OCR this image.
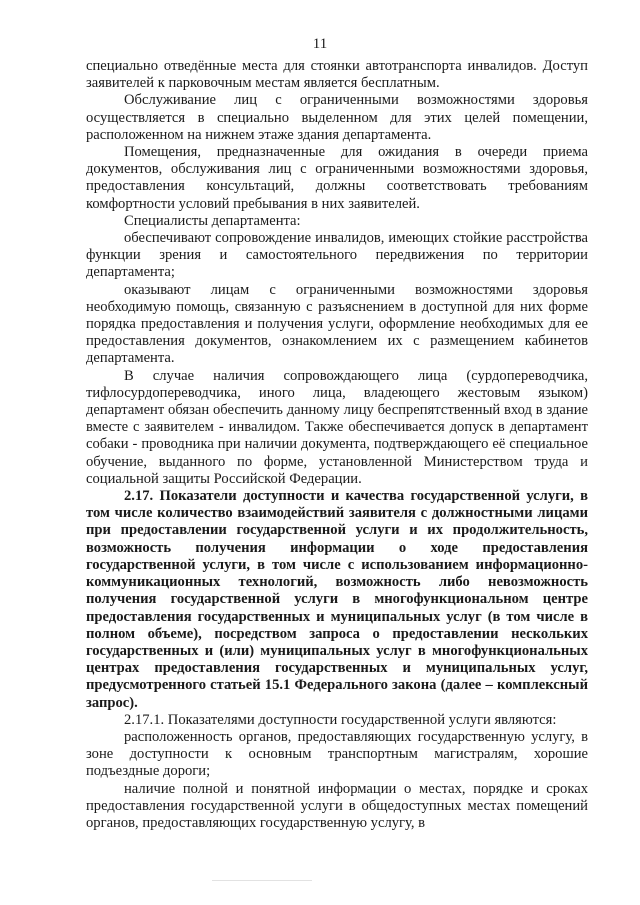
11

специально отведённые места для стоянки автотранспорта инвалидов. Доступ заявителей к парковочным местам является бесплатным.

Обслуживание лиц с ограниченными возможностями здоровья осуществляется в специально выделенном для этих целей помещении, расположенном на нижнем этаже здания департамента.

Помещения, предназначенные для ожидания в очереди приема документов, обслуживания лиц с ограниченными возможностями здоровья, предоставления консультаций, должны соответствовать требованиям комфортности условий пребывания в них заявителей.

Специалисты департамента:

обеспечивают сопровождение инвалидов, имеющих стойкие расстройства функции зрения и самостоятельного передвижения по территории департамента;

оказывают лицам с ограниченными возможностями здоровья необходимую помощь, связанную с разъяснением в доступной для них форме порядка предоставления и получения услуги, оформление необходимых для ее предоставления документов, ознакомлением их с размещением кабинетов департамента.

В случае наличия сопровождающего лица (сурдопереводчика, тифлосурдопереводчика, иного лица, владеющего жестовым языком) департамент обязан обеспечить данному лицу беспрепятственный вход в здание вместе с заявителем - инвалидом. Также обеспечивается допуск в департамент собаки - проводника при наличии документа, подтверждающего её специальное обучение, выданного по форме, установленной Министерством труда и социальной защиты Российской Федерации.

2.17. Показатели доступности и качества государственной услуги, в том числе количество взаимодействий заявителя с должностными лицами при предоставлении государственной услуги и их продолжительность, возможность получения информации о ходе предоставления государственной услуги, в том числе с использованием информационно-коммуникационных технологий, возможность либо невозможность получения государственной услуги в многофункциональном центре предоставления государственных и муниципальных услуг (в том числе в полном объеме), посредством запроса о предоставлении нескольких государственных и (или) муниципальных услуг в многофункциональных центрах предоставления государственных и муниципальных услуг, предусмотренного статьей 15.1 Федерального закона (далее – комплексный запрос).

2.17.1. Показателями доступности государственной услуги являются:

расположенность органов, предоставляющих государственную услугу, в зоне доступности к основным транспортным магистралям, хорошие подъездные дороги;

наличие полной и понятной информации о местах, порядке и сроках предоставления государственной услуги в общедоступных местах помещений органов, предоставляющих государственную услугу, в
